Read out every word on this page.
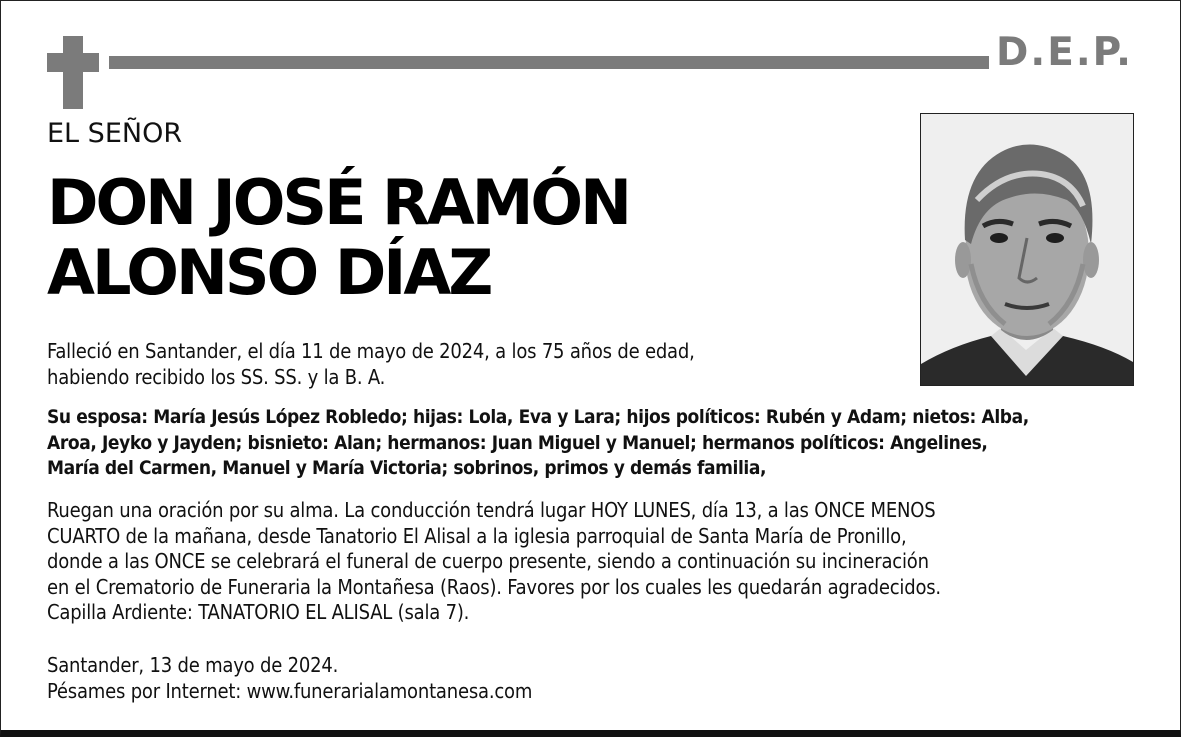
D.E.P.
EL SEÑOR
DON JOSÉ RAMÓN
ALONSO DÍAZ
Falleció en Santander, el día 11 de mayo de 2024, a los 75 años de edad,
habiendo recibido los SS. SS. y la B. A.
Su esposa: María Jesús López Robledo; hijas: Lola, Eva y Lara; hijos políticos: Rubén y Adam; nietos: Alba,
Aroa, Jeyko y Jayden; bisnieto: Alan; hermanos: Juan Miguel y Manuel; hermanos políticos: Angelines,
María del Carmen, Manuel y María Victoria; sobrinos, primos y demás familia,
Ruegan una oración por su alma. La conducción tendrá lugar HOY LUNES, día 13, a las ONCE MENOS
CUARTO de la mañana, desde Tanatorio El Alisal a la iglesia parroquial de Santa María de Pronillo,
donde a las ONCE se celebrará el funeral de cuerpo presente, siendo a continuación su incineración
en el Crematorio de Funeraria la Montañesa (Raos). Favores por los cuales les quedarán agradecidos.
Capilla Ardiente: TANATORIO EL ALISAL (sala 7).
Santander, 13 de mayo de 2024.
Pésames por Internet: www.funerarialamontanesa.com
